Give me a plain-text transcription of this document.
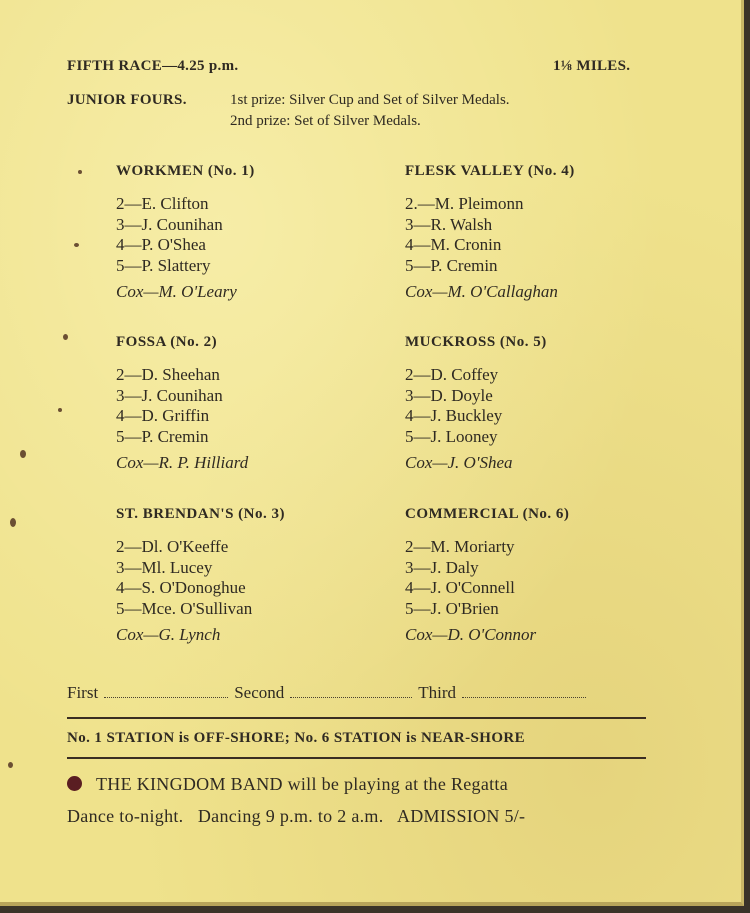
FIFTH RACE—4.25 p.m.	1⅛ MILES.
JUNIOR FOURS.	1st prize: Silver Cup and Set of Silver Medals.
2nd prize: Set of Silver Medals.
WORKMEN (No. 1)
2—E. Clifton
3—J. Counihan
4—P. O'Shea
5—P. Slattery
Cox—M. O'Leary
FLESK VALLEY (No. 4)
2.—M. Pleimonn
3—R. Walsh
4—M. Cronin
5—P. Cremin
Cox—M. O'Callaghan
FOSSA (No. 2)
2—D. Sheehan
3—J. Counihan
4—D. Griffin
5—P. Cremin
Cox—R. P. Hilliard
MUCKROSS (No. 5)
2—D. Coffey
3—D. Doyle
4—J. Buckley
5—J. Looney
Cox—J. O'Shea
ST. BRENDAN'S (No. 3)
2—Dl. O'Keeffe
3—Ml. Lucey
4—S. O'Donoghue
5—Mce. O'Sullivan
Cox—G. Lynch
COMMERCIAL (No. 6)
2—M. Moriarty
3—J. Daly
4—J. O'Connell
5—J. O'Brien
Cox—D. O'Connor
First	Second	Third
No. 1 STATION is OFF-SHORE; No. 6 STATION is NEAR-SHORE
THE KINGDOM BAND will be playing at the Regatta
Dance to-night.   Dancing 9 p.m. to 2 a.m.   ADMISSION 5/-
